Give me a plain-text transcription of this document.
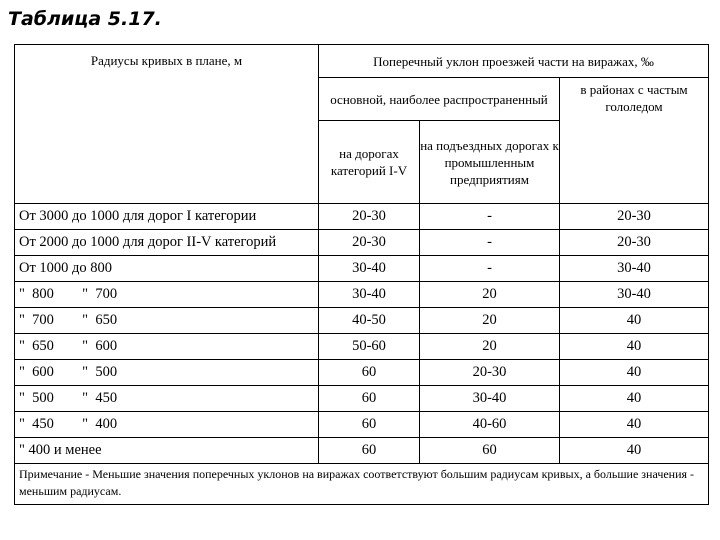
Таблица 5.17.
Радиусы кривых в плане, м	Поперечный уклон проезжей части на виражах, ‰		
	основной, наиболее распространенный		в районах с частым гололедом
	на дорогах категорий I-V	на подъездных дорогах к промышленным предприятиям	
От 3000 до 1000 для дорог I категории	20-30	-	20-30
От 2000 до 1000 для дорог II-V категорий	20-30	-	20-30
От 1000 до 800	30-40	-	30-40
" 800 " 700	30-40	20	30-40
" 700 " 650	40-50	20	40
" 650 " 600	50-60	20	40
" 600 " 500	60	20-30	40
" 500 " 450	60	30-40	40
" 450 " 400	60	40-60	40
" 400 и менее	60	60	40
Примечание - Меньшие значения поперечных уклонов на виражах соответствуют большим радиусам кривых, а большие значения - меньшим радиусам.			
